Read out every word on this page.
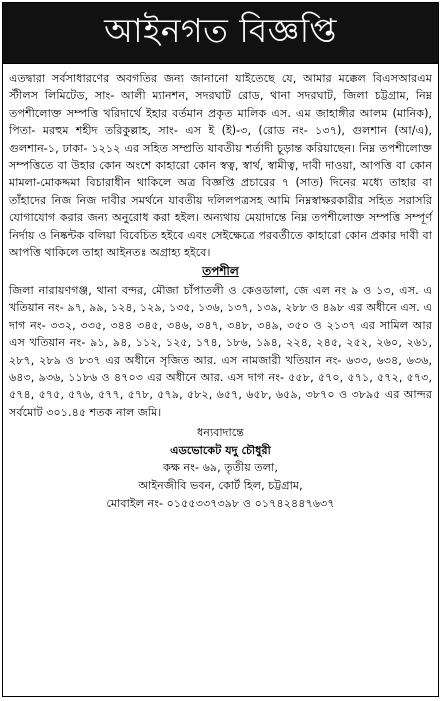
আইনগত বিজ্ঞপ্তি

এতদ্বারা সর্বসাধারণের অবগতির জন্য জানানো যাইতেছে যে, আমার মক্কেল বিএসআরএম স্টীলস লিমিটেড, সাং- আলী ম্যানশন, সদরঘাট রোড, থানা সদরঘাট, জিলা চট্টগ্রাম, নিম্ন তপশীলোক্ত সম্পত্তি খরিদার্থে ইহার বর্তমান প্রকৃত মালিক এস. এম জাহাঙ্গীর আলম (মানিক), পিতা- মরহুম শহীদ তরিকুল্লাহ, সাং- এস ই (ই)-৩, (রোড নং- ১৩৭), গুলশান (আ/এ), গুলশান-১, ঢাকা- ১২১২ এর সহিত সম্প্রতি যাবতীয় শর্তাদী চূড়ান্ত করিয়াছেন। নিম্ন তপশীলোক্ত সম্পত্তিতে বা উহার কোন অংশে কাহারো কোন স্বত্ব, স্বার্থ, স্বামীত্ব, দাবী দাওয়া, আপত্তি বা কোন মামলা-মোকদ্দমা বিচারাধীন থাকিলে অত্র বিজ্ঞপ্তি প্রচারের ৭ (সাত) দিনের মধ্যে তাহার বা তাঁহাদের নিজ নিজ দাবীর সমর্থনে যাবতীয় দলিলপত্রসহ আমি নিম্নস্বাক্ষরকারীর সহিত সরাসরি যোগাযোগ করার জন্য অনুরোধ করা হইল। অন্যথায় মেয়াদান্তে নিম্ন তপশীলোক্ত সম্পত্তি সম্পূর্ণ নির্দায় ও নিষ্কন্টক বলিয়া বিবেচিত হইবে এবং সেইক্ষেত্রে পরবর্তীতে কাহারো কোন প্রকার দাবী বা আপত্তি থাকিলে তাহা আইনতঃ অগ্রাহ্য হইবে।

তপশীল

জিলা নারায়ণগঞ্জ, থানা বন্দর, মৌজা চাঁপাতলী ও কেওডালা, জে এল নং ৯ ও ১৩, এস. এ খতিয়ান নং- ৯৭, ৯৯, ১২৪, ১২৯, ১৩৫, ১৩৬, ১৩৭, ১৩৯, ২৮৮ ও ৪৯৮ এর অধীনে এস. এ দাগ নং- ৩৩২, ৩৩৫, ৩৪৪ ৩৪৫, ৩৪৬, ৩৪৭, ৩৪৮, ৩৪৯, ৩৫০ ও ২১৩৭ এর সামিল আর এস খতিয়ান নং- ৯১, ৯৪, ১১২, ১২৫, ১৭৪, ১৮৬, ১৯৪, ২২৪, ২৪৫, ২৫২, ২৬০, ২৬১, ২৮৭, ২৮৯ ও ৮৩৭ এর অধীনে সৃজিত আর. এস নামজারী খতিয়ান নং- ৬৩৩, ৬৩৪, ৬৩৬, ৬৪৩, ৯৩৬, ১১৮৬ ও ৪৭০৩ এর অধীনে আর. এস দাগ নং- ৫৫৮, ৫৭০, ৫৭১, ৫৭২, ৫৭৩, ৫৭৪, ৫৭৫, ৫৭৬, ৫৭৭, ৫৭৮, ৫৭৯, ৫৮২, ৬৫৭, ৬৫৮, ৬৫৯, ৩৮৭০ ও ৩৮৯৫ এর আন্দর সর্বমোট ৩০১.৪৫ শতক নাল জমি।

ধন্যবাদান্তে
এডভোকেট যদু চৌধুরী
কক্ষ নং- ৬৯, তৃতীয় তলা,
আইনজীবি ভবন, কোর্ট হিল, চট্টগ্রাম,
মোবাইল নং- ০১৫৫৩৩৭৩৯৮ ও ০১৭৪২৪৪৭৬৩৭
